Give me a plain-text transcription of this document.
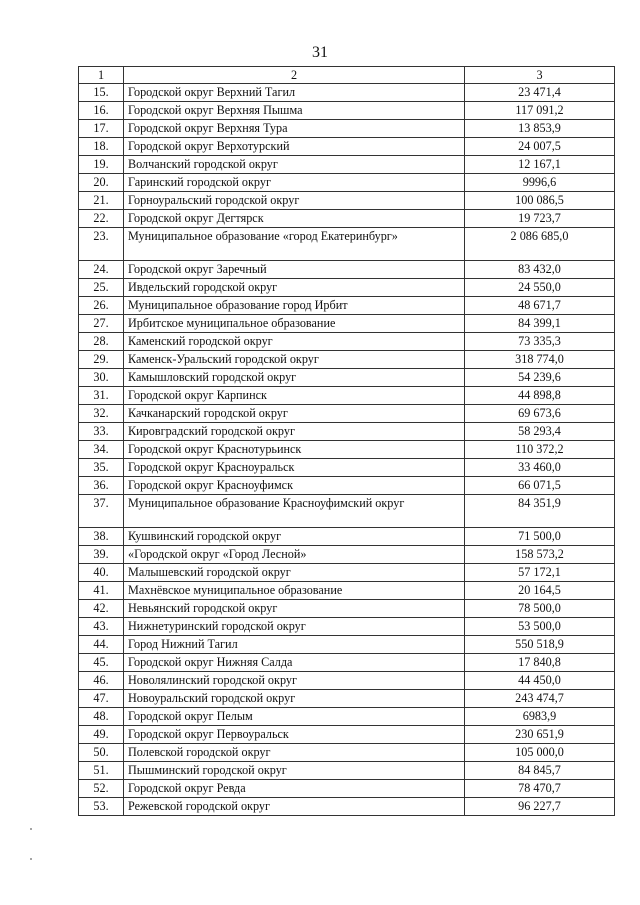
31
1	2	3
15.	Городской округ Верхний Тагил	23 471,4
16.	Городской округ Верхняя Пышма	117 091,2
17.	Городской округ Верхняя Тура	13 853,9
18.	Городской округ Верхотурский	24 007,5
19.	Волчанский городской округ	12 167,1
20.	Гаринский городской округ	9996,6
21.	Горноуральский городской округ	100 086,5
22.	Городской округ Дегтярск	19 723,7
23.	Муниципальное образование «город Екатеринбург»	2 086 685,0
24.	Городской округ Заречный	83 432,0
25.	Ивдельский городской округ	24 550,0
26.	Муниципальное образование город Ирбит	48 671,7
27.	Ирбитское муниципальное образование	84 399,1
28.	Каменский городской округ	73 335,3
29.	Каменск-Уральский городской округ	318 774,0
30.	Камышловский городской округ	54 239,6
31.	Городской округ Карпинск	44 898,8
32.	Качканарский городской округ	69 673,6
33.	Кировградский городской округ	58 293,4
34.	Городской округ Краснотурьинск	110 372,2
35.	Городской округ Красноуральск	33 460,0
36.	Городской округ Красноуфимск	66 071,5
37.	Муниципальное образование Красноуфимский округ	84 351,9
38.	Кушвинский городской округ	71 500,0
39.	«Городской округ «Город Лесной»	158 573,2
40.	Малышевский городской округ	57 172,1
41.	Махнёвское муниципальное образование	20 164,5
42.	Невьянский городской округ	78 500,0
43.	Нижнетуринский городской округ	53 500,0
44.	Город Нижний Тагил	550 518,9
45.	Городской округ Нижняя Салда	17 840,8
46.	Новолялинский городской округ	44 450,0
47.	Новоуральский городской округ	243 474,7
48.	Городской округ Пелым	6983,9
49.	Городской округ Первоуральск	230 651,9
50.	Полевской городской округ	105 000,0
51.	Пышминский городской округ	84 845,7
52.	Городской округ Ревда	78 470,7
53.	Режевской городской округ	96 227,7
